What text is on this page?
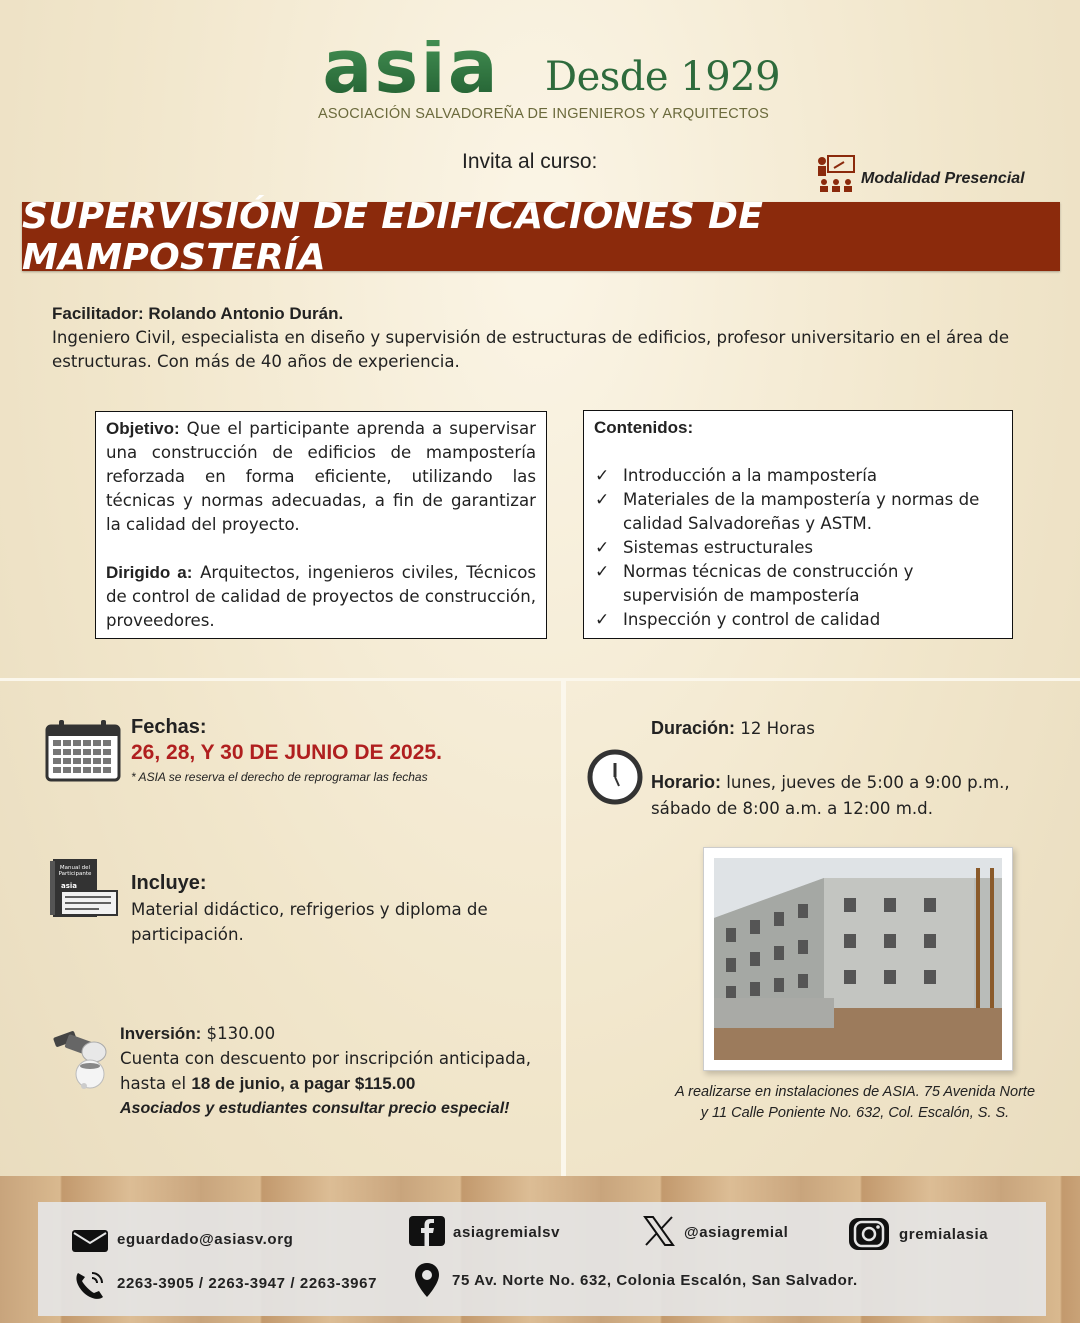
asia Desde 1929
ASOCIACIÓN SALVADOREÑA DE INGENIEROS Y ARQUITECTOS
Invita al curso:
Modalidad Presencial
SUPERVISIÓN DE EDIFICACIONES DE MAMPOSTERÍA
Facilitador: Rolando Antonio Durán.
Ingeniero Civil, especialista en diseño y supervisión de estructuras de edificios, profesor universitario en el área de estructuras. Con más de 40 años de experiencia.

Objetivo: Que el participante aprenda a supervisar una construcción de edificios de mampostería reforzada en forma eficiente, utilizando las técnicas y normas adecuadas, a fin de garantizar la calidad del proyecto.

Dirigido a: Arquitectos, ingenieros civiles, Técnicos de control de calidad de proyectos de construcción, proveedores.

Contenidos:
✓ Introducción a la mampostería
✓ Materiales de la mampostería y normas de calidad Salvadoreñas y ASTM.
✓ Sistemas estructurales
✓ Normas técnicas de construcción y supervisión de mampostería
✓ Inspección y control de calidad
Fechas:
26, 28, Y 30 DE JUNIO DE 2025.
* ASIA se reserva el derecho de reprogramar las fechas
Manual del
Participante
asia	Incluye:
Material didáctico, refrigerios y diploma de participación.
Inversión: $130.00
Cuenta con descuento por inscripción anticipada,
hasta el 18 de junio, a pagar $115.00
Asociados y estudiantes consultar precio especial!
Duración: 12 Horas
Horario: lunes, jueves de 5:00 a 9:00 p.m.,
sábado de 8:00 a.m. a 12:00 m.d.
A realizarse en instalaciones de ASIA. 75 Avenida Norte
y 11 Calle Poniente No. 632, Col. Escalón, S. S.
eguardado@asiasv.org
2263-3905 / 2263-3947 / 2263-3967
asiagremialsv
75 Av. Norte No. 632, Colonia Escalón, San Salvador.
@asiagremial	gremialasia
